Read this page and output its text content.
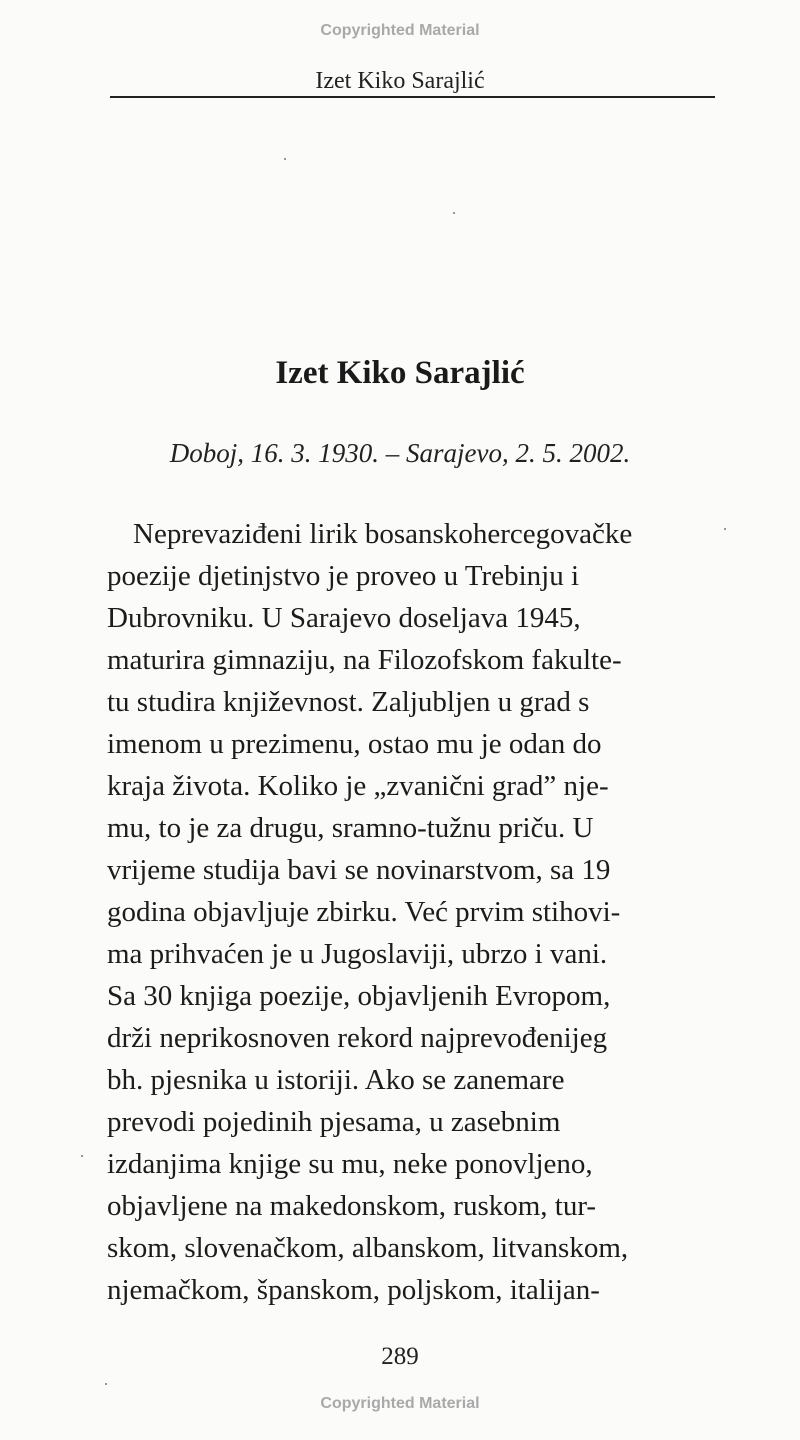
Copyrighted Material
Izet Kiko Sarajlić
Izet Kiko Sarajlić
Doboj, 16. 3. 1930. – Sarajevo, 2. 5. 2002.
Neprevaziđeni lirik bosanskohercegovačke
poezije djetinjstvo je proveo u Trebinju i
Dubrovniku. U Sarajevo doseljava 1945,
maturira gimnaziju, na Filozofskom fakulte-
tu studira književnost. Zaljubljen u grad s
imenom u prezimenu, ostao mu je odan do
kraja života. Koliko je „zvanični grad” nje-
mu, to je za drugu, sramno-tužnu priču. U
vrijeme studija bavi se novinarstvom, sa 19
godina objavljuje zbirku. Već prvim stihovi-
ma prihvaćen je u Jugoslaviji, ubrzo i vani.
Sa 30 knjiga poezije, objavljenih Evropom,
drži neprikosnoven rekord najprevođenijeg
bh. pjesnika u istoriji. Ako se zanemare
prevodi pojedinih pjesama, u zasebnim
izdanjima knjige su mu, neke ponovljeno,
objavljene na makedonskom, ruskom, tur-
skom, slovenačkom, albanskom, litvanskom,
njemačkom, španskom, poljskom, italijan-
289
Copyrighted Material
